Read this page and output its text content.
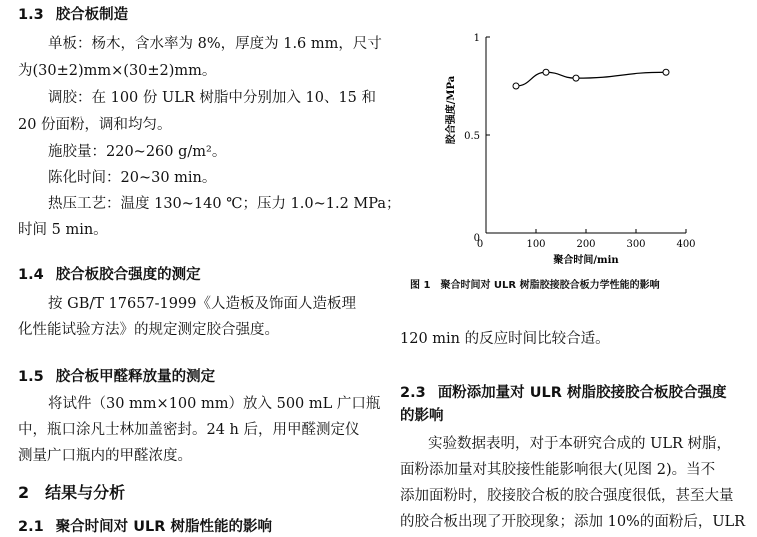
1.3 胶合板制造
单板：杨木，含水率为 8%，厚度为 1.6 mm，尺寸
为(30±2)mm×(30±2)mm。
调胶：在 100 份 ULR 树脂中分别加入 10、15 和
20 份面粉，调和均匀。
施胶量：220~260 g/m²。
陈化时间：20~30 min。
热压工艺：温度 130~140 ℃；压力 1.0~1.2 MPa；
时间 5 min。
1.4 胶合板胶合强度的测定
按 GB/T 17657-1999《人造板及饰面人造板理
化性能试验方法》的规定测定胶合强度。
1.5 胶合板甲醛释放量的测定
将试件（30 mm×100 mm）放入 500 mL 广口瓶
中，瓶口涂凡士林加盖密封。24 h 后，用甲醛测定仪
测量广口瓶内的甲醛浓度。
2 结果与分析
2.1 聚合时间对 ULR 树脂性能的影响
0	100	200	300	400
0
0.5
1
聚合时间/min
胶合强度/MPa
图 1　聚合时间对 ULR 树脂胶接胶合板力学性能的影响
120 min 的反应时间比较合适。
2.3 面粉添加量对 ULR 树脂胶接胶合板胶合强度
的影响
实验数据表明，对于本研究合成的 ULR 树脂，
面粉添加量对其胶接性能影响很大(见图 2)。当不
添加面粉时，胶接胶合板的胶合强度很低，甚至大量
的胶合板出现了开胶现象；添加 10%的面粉后，ULR
